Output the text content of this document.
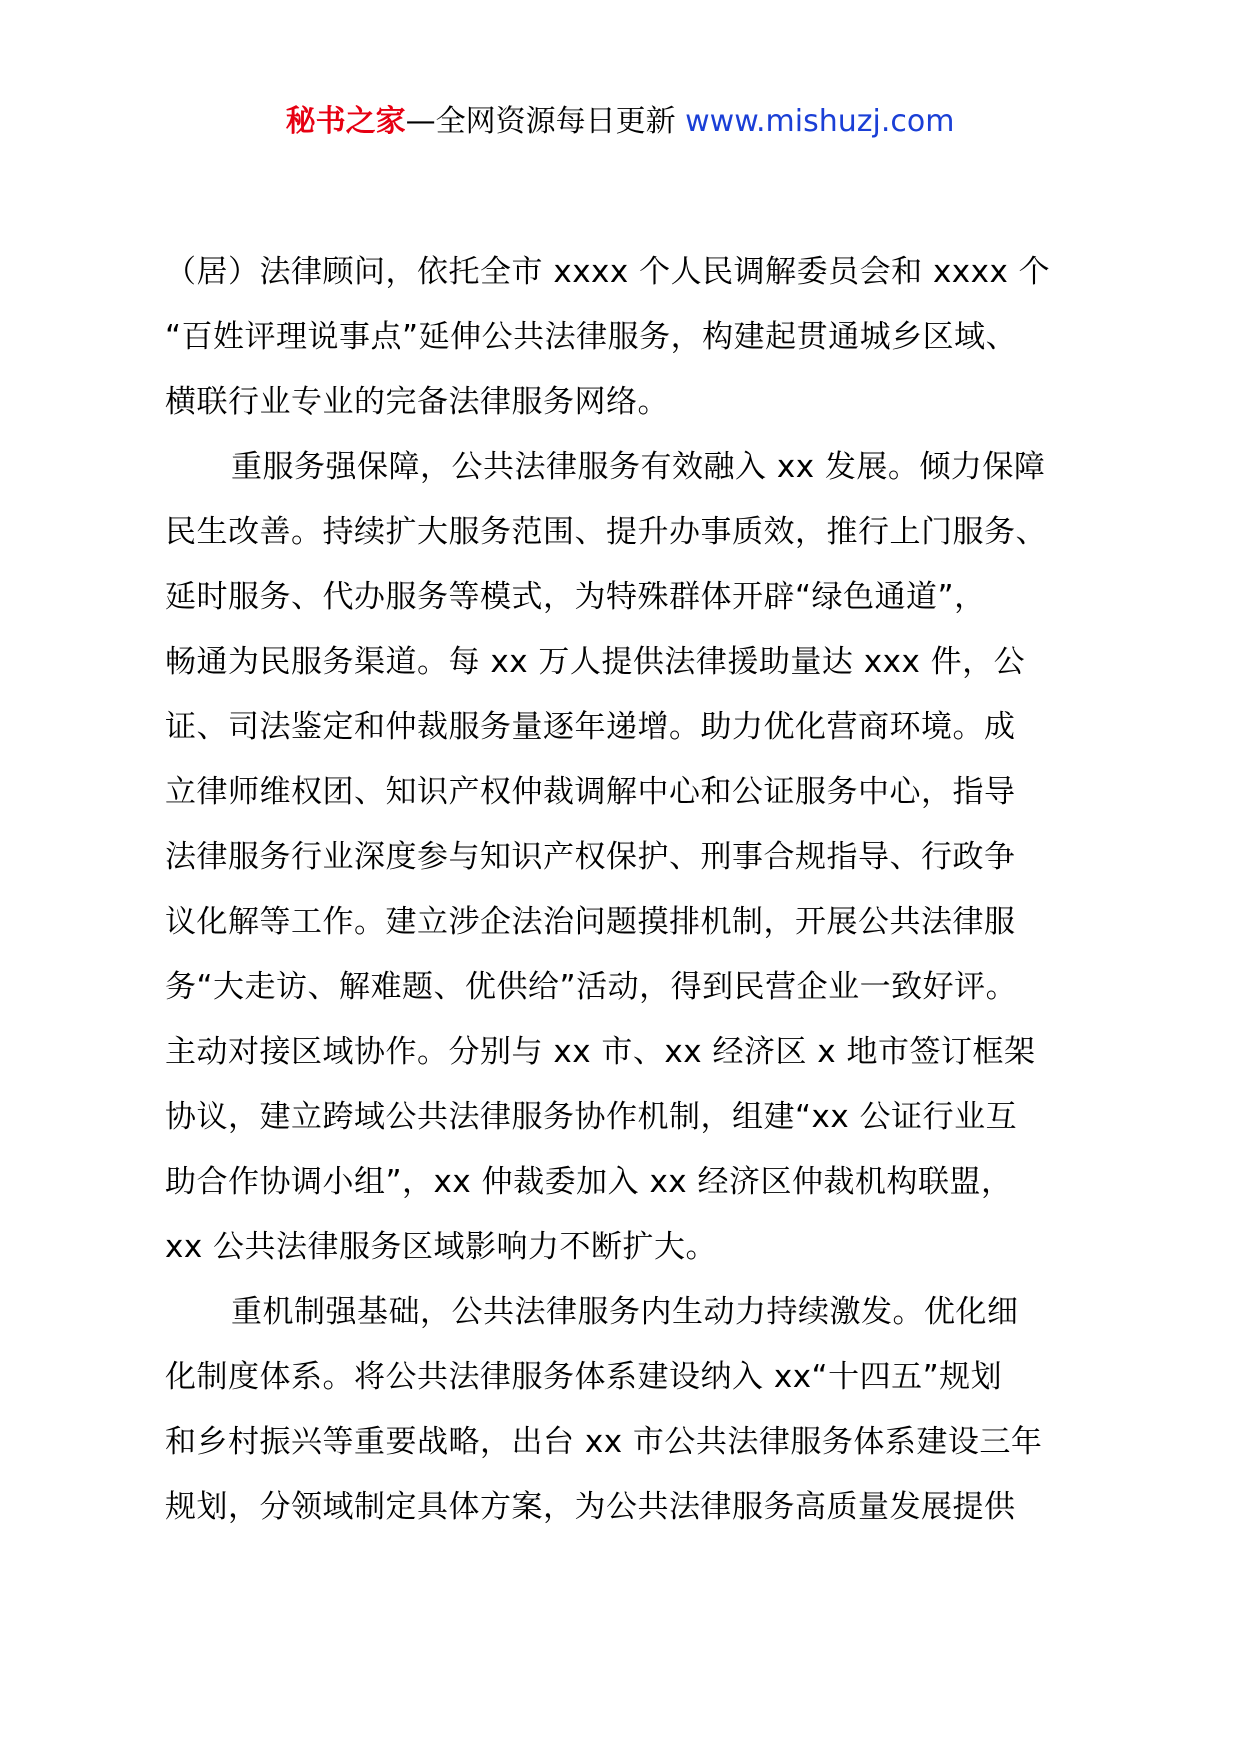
秘书之家—全网资源每日更新 www.mishuzj.com
（居）法律顾问，依托全市 xxxx 个人民调解委员会和 xxxx 个
“百姓评理说事点”延伸公共法律服务，构建起贯通城乡区域、
横联行业专业的完备法律服务网络。
重服务强保障，公共法律服务有效融入 xx 发展。倾力保障
民生改善。持续扩大服务范围、提升办事质效，推行上门服务、
延时服务、代办服务等模式，为特殊群体开辟“绿色通道”，
畅通为民服务渠道。每 xx 万人提供法律援助量达 xxx 件，公
证、司法鉴定和仲裁服务量逐年递增。助力优化营商环境。成
立律师维权团、知识产权仲裁调解中心和公证服务中心，指导
法律服务行业深度参与知识产权保护、刑事合规指导、行政争
议化解等工作。建立涉企法治问题摸排机制，开展公共法律服
务“大走访、解难题、优供给”活动，得到民营企业一致好评。
主动对接区域协作。分别与 xx 市、xx 经济区 x 地市签订框架
协议，建立跨域公共法律服务协作机制，组建“xx 公证行业互
助合作协调小组”，xx 仲裁委加入 xx 经济区仲裁机构联盟，
xx 公共法律服务区域影响力不断扩大。
重机制强基础，公共法律服务内生动力持续激发。优化细
化制度体系。将公共法律服务体系建设纳入 xx“十四五”规划
和乡村振兴等重要战略，出台 xx 市公共法律服务体系建设三年
规划，分领域制定具体方案，为公共法律服务高质量发展提供
